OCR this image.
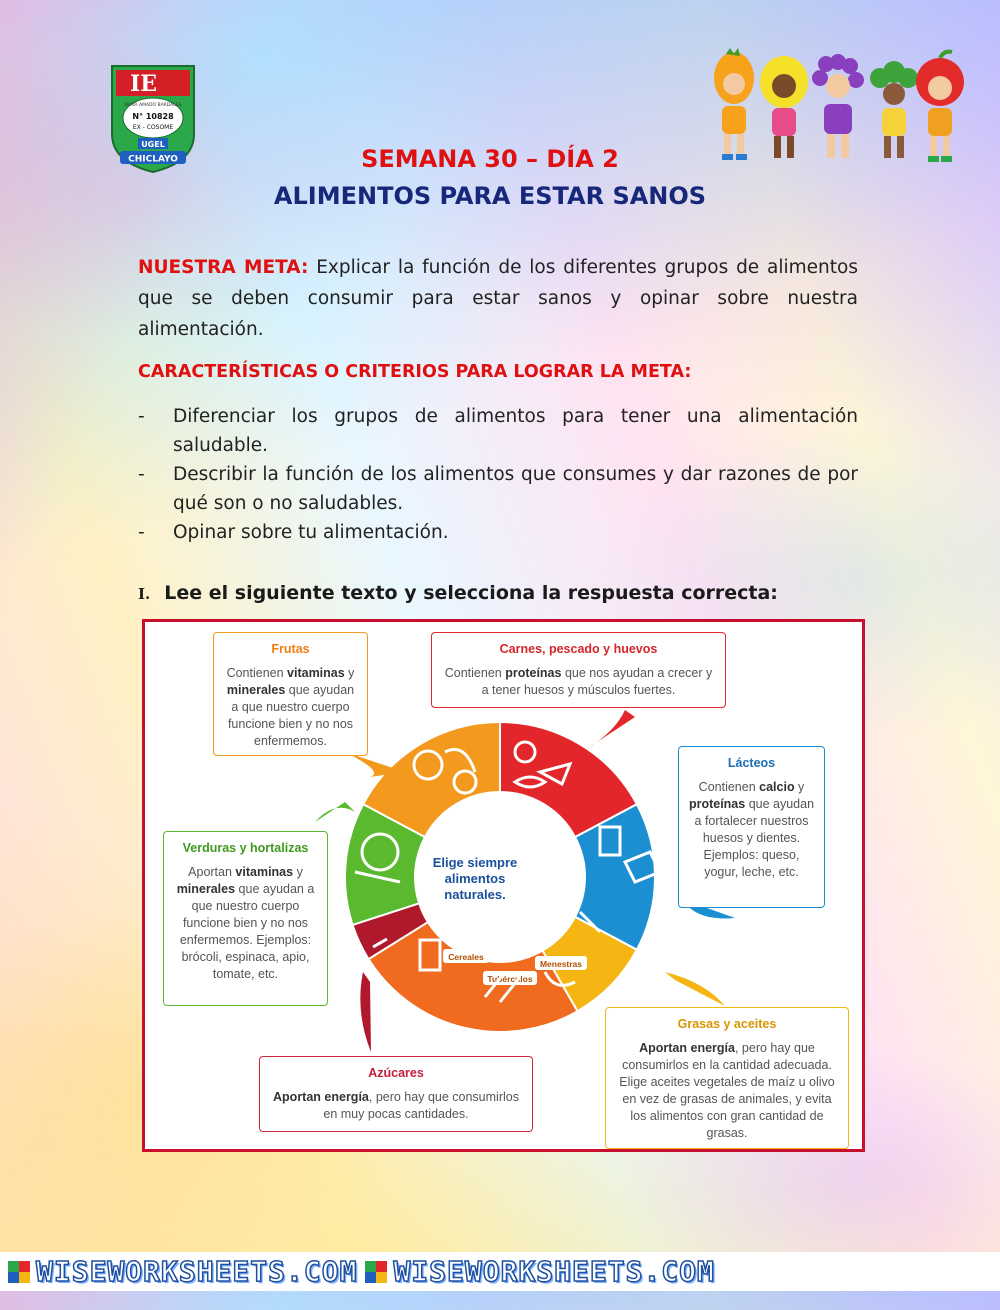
IE
DORA AMADO BARDALES
N° 10828
EX - COSOME
UGEL
CHICLAYO	SEMANA 30 – DÍA 2
ALIMENTOS PARA ESTAR SANOS
NUESTRA META: Explicar la función de los diferentes grupos de alimentos que se deben consumir para estar sanos y opinar sobre nuestra alimentación.
CARACTERÍSTICAS O CRITERIOS PARA LOGRAR LA META:
-	Diferenciar los grupos de alimentos para tener una alimentación saludable.
-	Describir la función de los alimentos que consumes y dar razones de por qué son o no saludables.
-	Opinar sobre tu alimentación.
I. Lee el siguiente texto y selecciona la respuesta correcta:
Elige siempre
alimentos
naturales.
Cereales
Menestras
Tubérculos
Frutas
Contienen vitaminas y minerales que ayudan a que nuestro cuerpo funcione bien y no nos enfermemos.
Carnes, pescado y huevos
Contienen proteínas que nos ayudan a crecer y a tener huesos y músculos fuertes.
Lácteos
Contienen calcio y proteínas que ayudan a fortalecer nuestros huesos y dientes. Ejemplos: queso, yogur, leche, etc.
Verduras y hortalizas
Aportan vitaminas y minerales que ayudan a que nuestro cuerpo funcione bien y no nos enfermemos. Ejemplos: brócoli, espinaca, apio, tomate, etc.
Azúcares
Aportan energía, pero hay que consumirlos en muy pocas cantidades.
Grasas y aceites
Aportan energía, pero hay que consumirlos en la cantidad adecuada. Elige aceites vegetales de maíz u olivo en vez de grasas de animales, y evita los alimentos con gran cantidad de grasas.
WISEWORKSHEETS.COM WISEWORKSHEETS.COM
